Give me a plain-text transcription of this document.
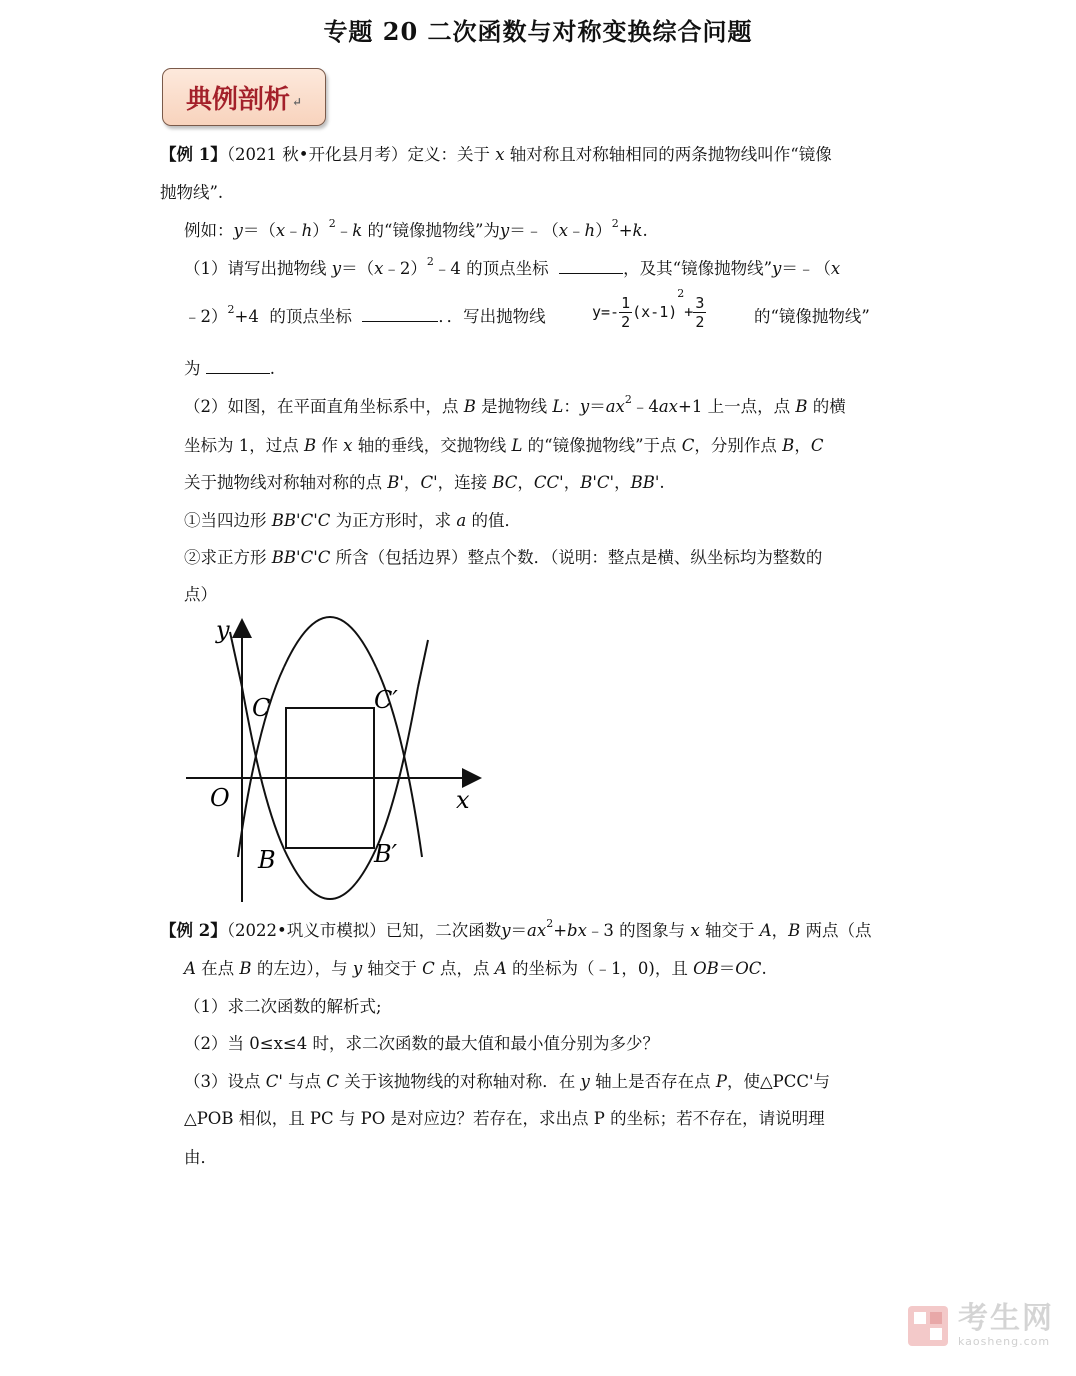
专题 20 二次函数与对称变换综合问题
典例剖析 ↵
【例 1】（2021 秋•开化县月考）定义：关于 x 轴对称且对称轴相同的两条抛物线叫作“镜像
抛物线”.
例如：y＝（x﹣h）$^2$﹣k 的“镜像抛物线”为y＝﹣（x﹣h）$^2$+k.
（1）请写出抛物线 y＝（x﹣2）$^2$﹣4 的顶点坐标	，及其“镜像抛物线”y＝﹣（x
﹣2）$^2$+4  的顶点坐标	．．写出抛物线	$y=- \frac{1}{2} (x-1)^2+ \frac{3}{2}$	的“镜像抛物线”
为	.
（2）如图，在平面直角坐标系中，点 B 是抛物线 L：$y=ax^2﹣4ax+1$ 上一点，点 B 的横
坐标为 1，过点 B 作 x 轴的垂线，交抛物线 L 的“镜像抛物线”于点 C，分别作点 B，C
关于抛物线对称轴对称的点 B'，C'，连接 BC，CC'，B'C'，BB'.
①当四边形 BB'C'C 为正方形时，求 a 的值．
②求正方形 BB'C'C 所含（包括边界）整点个数．（说明：整点是横、纵坐标均为整数的
点）
y
x
O
C	C′
B	B′
【例 2】（2022•巩义市模拟）已知，二次函数$y=ax^2+bx﹣3$ 的图象与 x 轴交于 A，B 两点（点
A 在点 B 的左边），与 y 轴交于 C 点，点 A 的坐标为（﹣1，0)，且 OB＝OC.
（1）求二次函数的解析式;
（2）当 0≤x≤4 时，求二次函数的最大值和最小值分别为多少？
（3）设点 C' 与点 C 关于该抛物线的对称轴对称．在 y 轴上是否存在点 P，使△PCC'与
△POB 相似，且 PC 与 PO 是对应边？若存在，求出点 P 的坐标；若不存在，请说明理
由．
考生网
kaosheng.com
